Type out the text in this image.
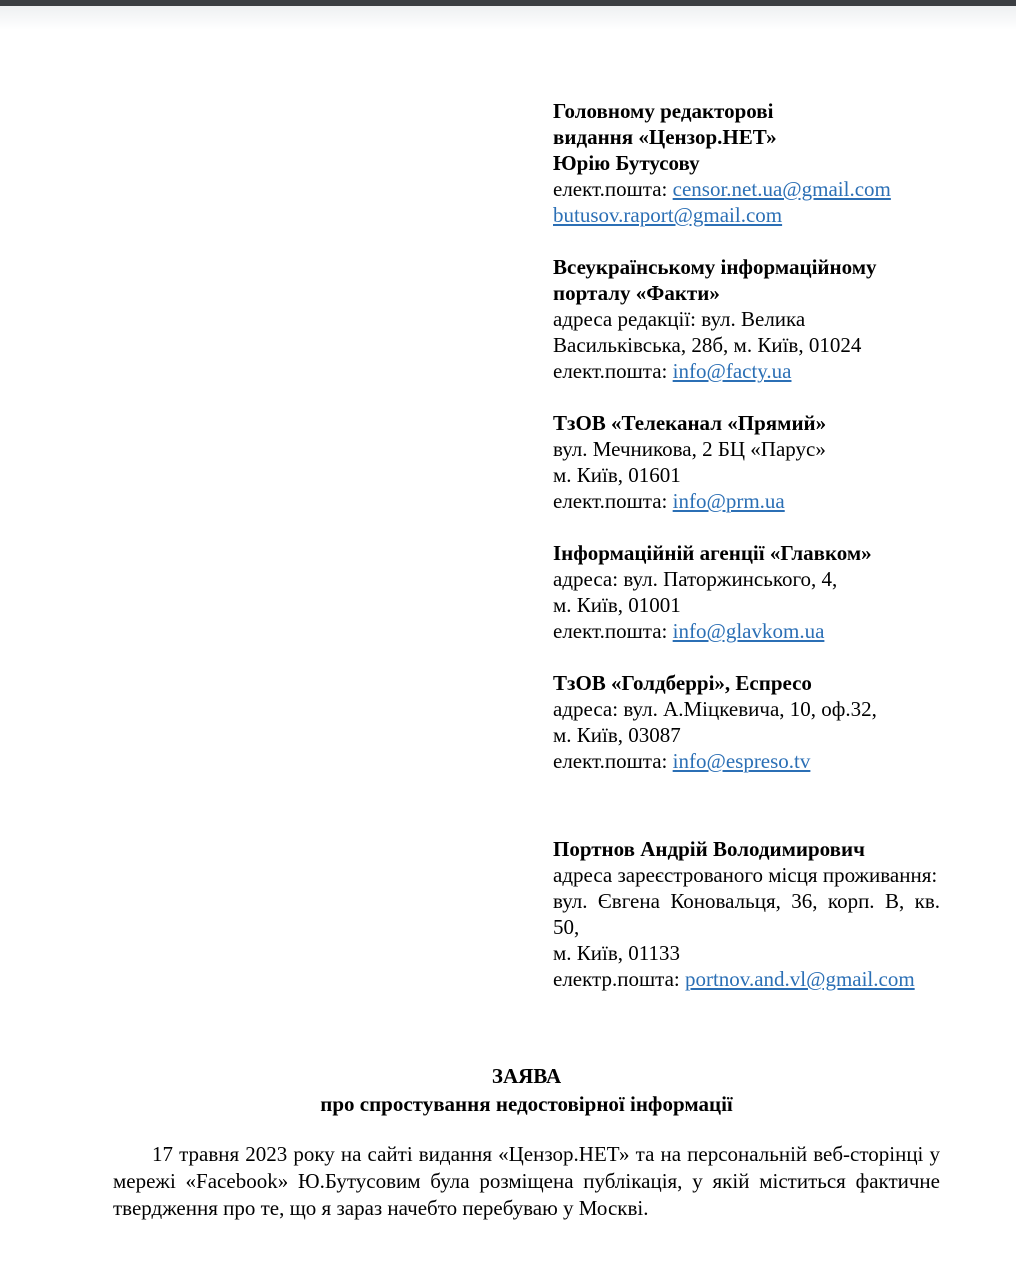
Головному редакторові
видання «Цензор.НЕТ»
Юрію Бутусову
елект.пошта: censor.net.ua@gmail.com
butusov.raport@gmail.com
Всеукраїнському інформаційному
порталу «Факти»
адреса редакції: вул. Велика
Васильківська, 28б, м. Київ, 01024
елект.пошта: info@facty.ua
ТзОВ «Телеканал «Прямий»
вул. Мечникова, 2 БЦ «Парус»
м. Київ, 01601
елект.пошта: info@prm.ua
Інформаційній агенції «Главком»
адреса: вул. Паторжинського, 4,
м. Київ, 01001
елект.пошта: info@glavkom.ua
ТзОВ «Голдберрі», Еспресо
адреса: вул. А.Міцкевича, 10, оф.32,
м. Київ, 03087
елект.пошта: info@espreso.tv
Портнов Андрій Володимирович
адреса зареєстрованого місця проживання:
вул. Євгена Коновальця, 36, корп. В, кв.
50,
м. Київ, 01133
електр.пошта: portnov.and.vl@gmail.com
ЗАЯВА
про спростування недостовірної інформації

17 травня 2023 року на сайті видання «Цензор.НЕТ» та на персональній веб-сторінці у мережі «Facebook» Ю.Бутусовим була розміщена публікація, у якій міститься фактичне твердження про те, що я зараз начебто перебуваю у Москві.
